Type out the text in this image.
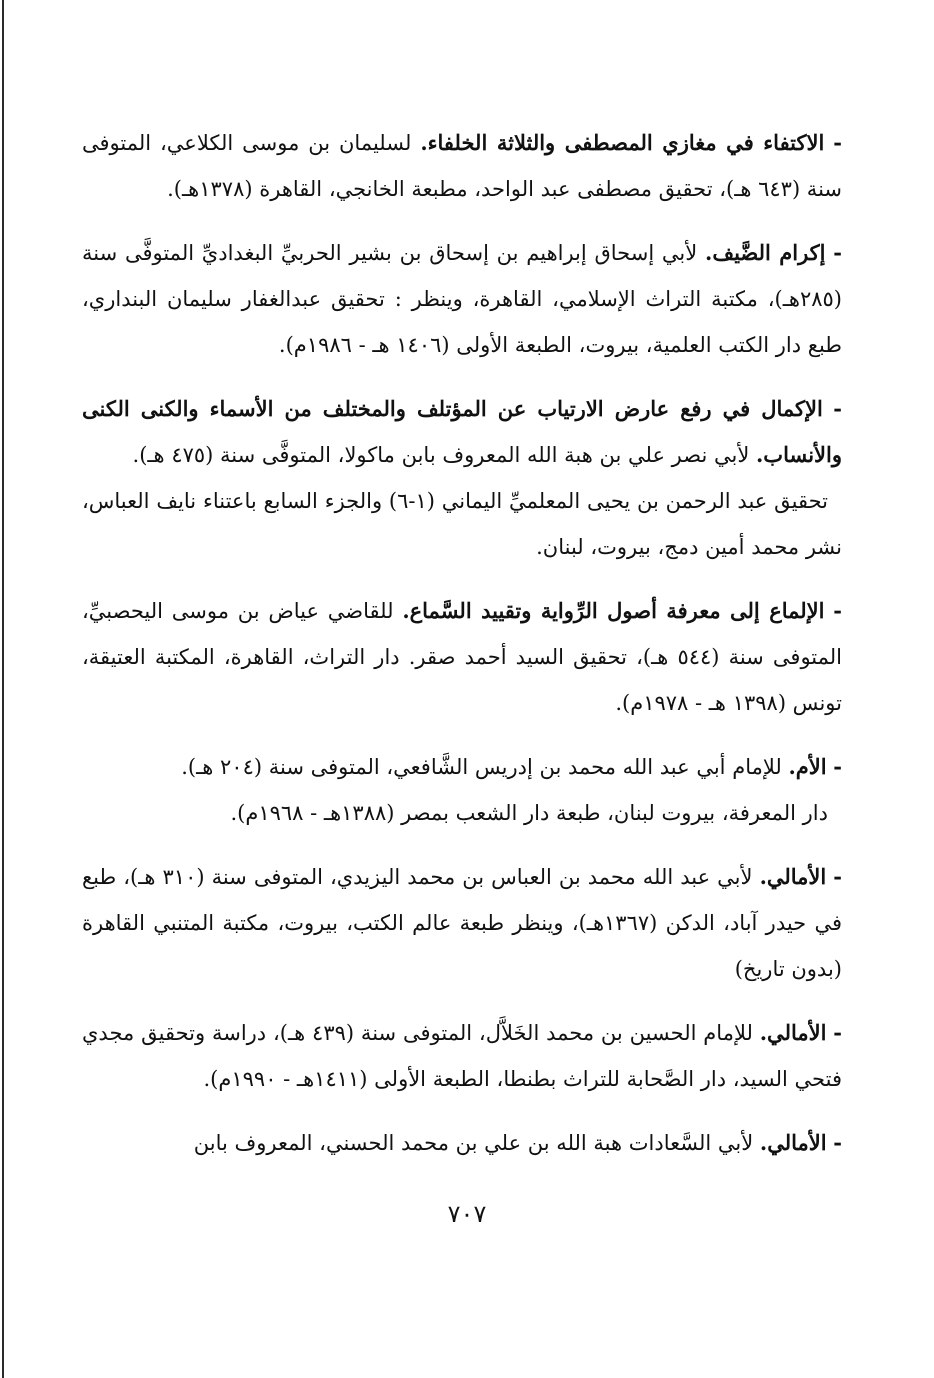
- الاكتفاء في مغازي المصطفى والثلاثة الخلفاء. لسليمان بن موسى الكلاعي، المتوفى سنة (٦٤٣ هـ)، تحقيق مصطفى عبد الواحد، مطبعة الخانجي، القاهرة (١٣٧٨هـ).

- إكرام الضَّيف. لأبي إسحاق إبراهيم بن إسحاق بن بشير الحربيِّ البغداديِّ المتوفَّى سنة (٢٨٥هـ)، مكتبة التراث الإسلامي، القاهرة، وينظر : تحقيق عبدالغفار سليمان البنداري، طبع دار الكتب العلمية، بيروت، الطبعة الأولى (١٤٠٦ هـ - ١٩٨٦م).

- الإكمال في رفع عارض الارتياب عن المؤتلف والمختلف من الأسماء والكنى الكنى والأنساب. لأبي نصر علي بن هبة الله المعروف بابن ماكولا، المتوفَّى سنة (٤٧٥ هـ).
تحقيق عبد الرحمن بن يحيى المعلميِّ اليماني (١-٦) والجزء السابع باعتناء نايف العباس، نشر محمد أمين دمج، بيروت، لبنان.

- الإلماع إلى معرفة أصول الرِّواية وتقييد السَّماع. للقاضي عياض بن موسى اليحصبيِّ، المتوفى سنة (٥٤٤ هـ)، تحقيق السيد أحمد صقر. دار التراث، القاهرة، المكتبة العتيقة، تونس (١٣٩٨ هـ - ١٩٧٨م).

- الأم. للإمام أبي عبد الله محمد بن إدريس الشَّافعي، المتوفى سنة (٢٠٤ هـ).
دار المعرفة، بيروت لبنان، طبعة دار الشعب بمصر (١٣٨٨هـ - ١٩٦٨م).

- الأمالي. لأبي عبد الله محمد بن العباس بن محمد اليزيدي، المتوفى سنة (٣١٠ هـ)، طبع في حيدر آباد، الدكن (١٣٦٧هـ)، وينظر طبعة عالم الكتب، بيروت، مكتبة المتنبي القاهرة (بدون تاريخ)

- الأمالي. للإمام الحسين بن محمد الخَلاَّل، المتوفى سنة (٤٣٩ هـ)، دراسة وتحقيق مجدي فتحي السيد، دار الصَّحابة للتراث بطنطا، الطبعة الأولى (١٤١١هـ - ١٩٩٠م).

- الأمالي. لأبي السَّعادات هبة الله بن علي بن محمد الحسني، المعروف بابن

٧٠٧
